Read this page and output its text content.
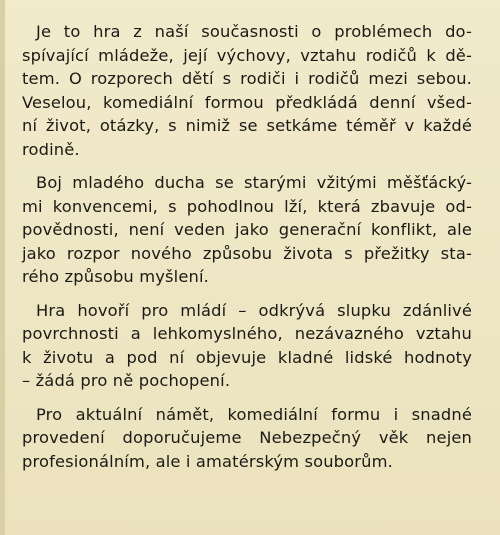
Je to hra z naší současnosti o problémech do-
spívající mládeže, její výchovy, vztahu rodičů k dě-
tem. O rozporech dětí s rodiči i rodičů mezi sebou.
Veselou, komediální formou předkládá denní všed-
ní život, otázky, s nimiž se setkáme téměř v každé
rodině.
Boj mladého ducha se starými vžitými měšťácký-
mi konvencemi, s pohodlnou lží, která zbavuje od-
povědnosti, není veden jako generační konflikt, ale
jako rozpor nového způsobu života s přežitky sta-
rého způsobu myšlení.
Hra hovoří pro mládí – odkrývá slupku zdánlivé
povrchnosti a lehkomyslného, nezávazného vztahu
k životu a pod ní objevuje kladné lidské hodnoty
– žádá pro ně pochopení.
Pro aktuální námět, komediální formu i snadné
provedení doporučujeme Nebezpečný věk nejen
profesionálním, ale i amatérským souborům.
